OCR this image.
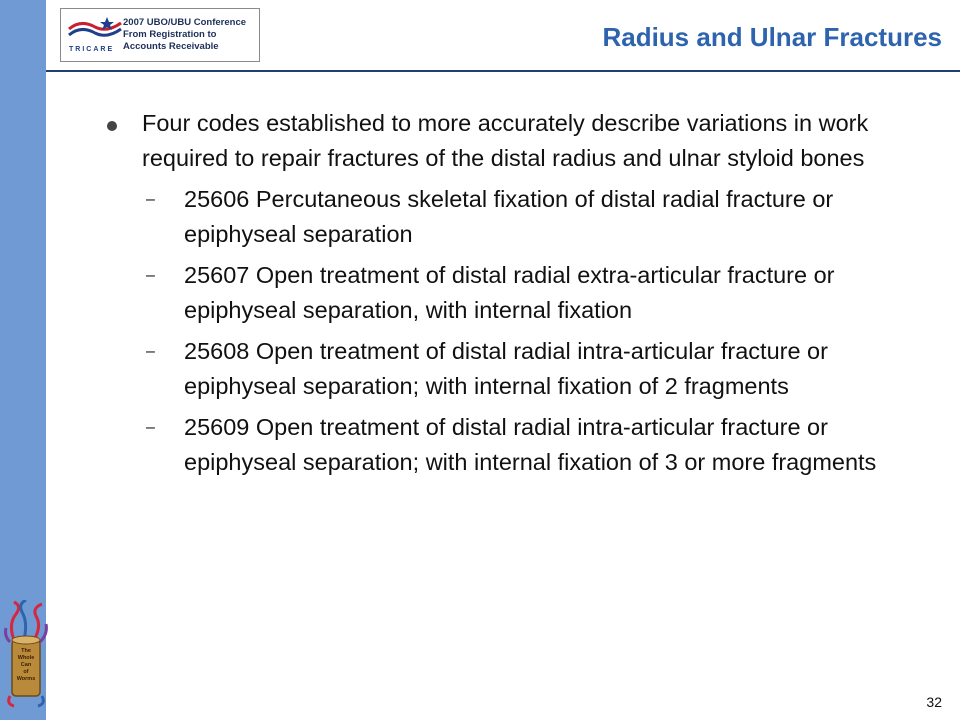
TRICARE
2007 UBO/UBU Conference
From Registration to
Accounts Receivable	Radius and Ulnar Fractures
Four codes established to more accurately describe variations in work required to repair fractures of the distal radius and ulnar styloid bones
– 25606 Percutaneous skeletal fixation of distal radial fracture or epiphyseal separation
– 25607 Open treatment of distal radial extra-articular fracture or epiphyseal separation, with internal fixation
– 25608 Open treatment of distal radial intra-articular fracture or epiphyseal separation; with internal fixation of 2 fragments
– 25609 Open treatment of distal radial intra-articular fracture or epiphyseal separation; with internal fixation of 3 or more fragments
The
Whole
Can
of
Worms
32
